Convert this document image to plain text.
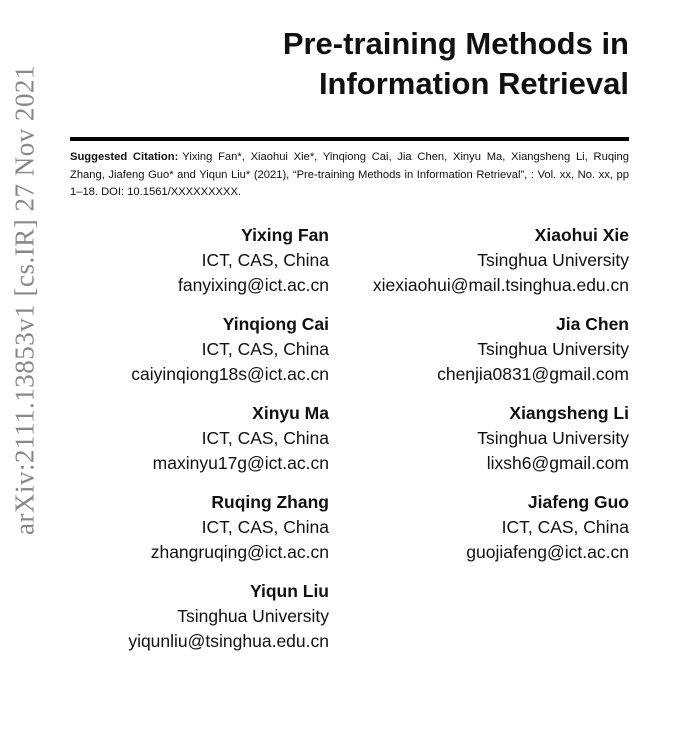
arXiv:2111.13853v1 [cs.IR] 27 Nov 2021
Pre-training Methods in
Information Retrieval
Suggested Citation: Yixing Fan*, Xiaohui Xie*, Yinqiong Cai, Jia Chen, Xinyu Ma, Xiangsheng Li, Ruqing Zhang, Jiafeng Guo* and Yiqun Liu* (2021), “Pre-training Methods in Information Retrieval”, : Vol. xx, No. xx, pp 1–18. DOI: 10.1561/XXXXXXXXX.
Yixing Fan
ICT, CAS, China
fanyixing@ict.ac.cn
Xiaohui Xie
Tsinghua University
xiexiaohui@mail.tsinghua.edu.cn
Yinqiong Cai
ICT, CAS, China
caiyinqiong18s@ict.ac.cn
Jia Chen
Tsinghua University
chenjia0831@gmail.com
Xinyu Ma
ICT, CAS, China
maxinyu17g@ict.ac.cn
Xiangsheng Li
Tsinghua University
lixsh6@gmail.com
Ruqing Zhang
ICT, CAS, China
zhangruqing@ict.ac.cn
Jiafeng Guo
ICT, CAS, China
guojiafeng@ict.ac.cn
Yiqun Liu
Tsinghua University
yiqunliu@tsinghua.edu.cn
